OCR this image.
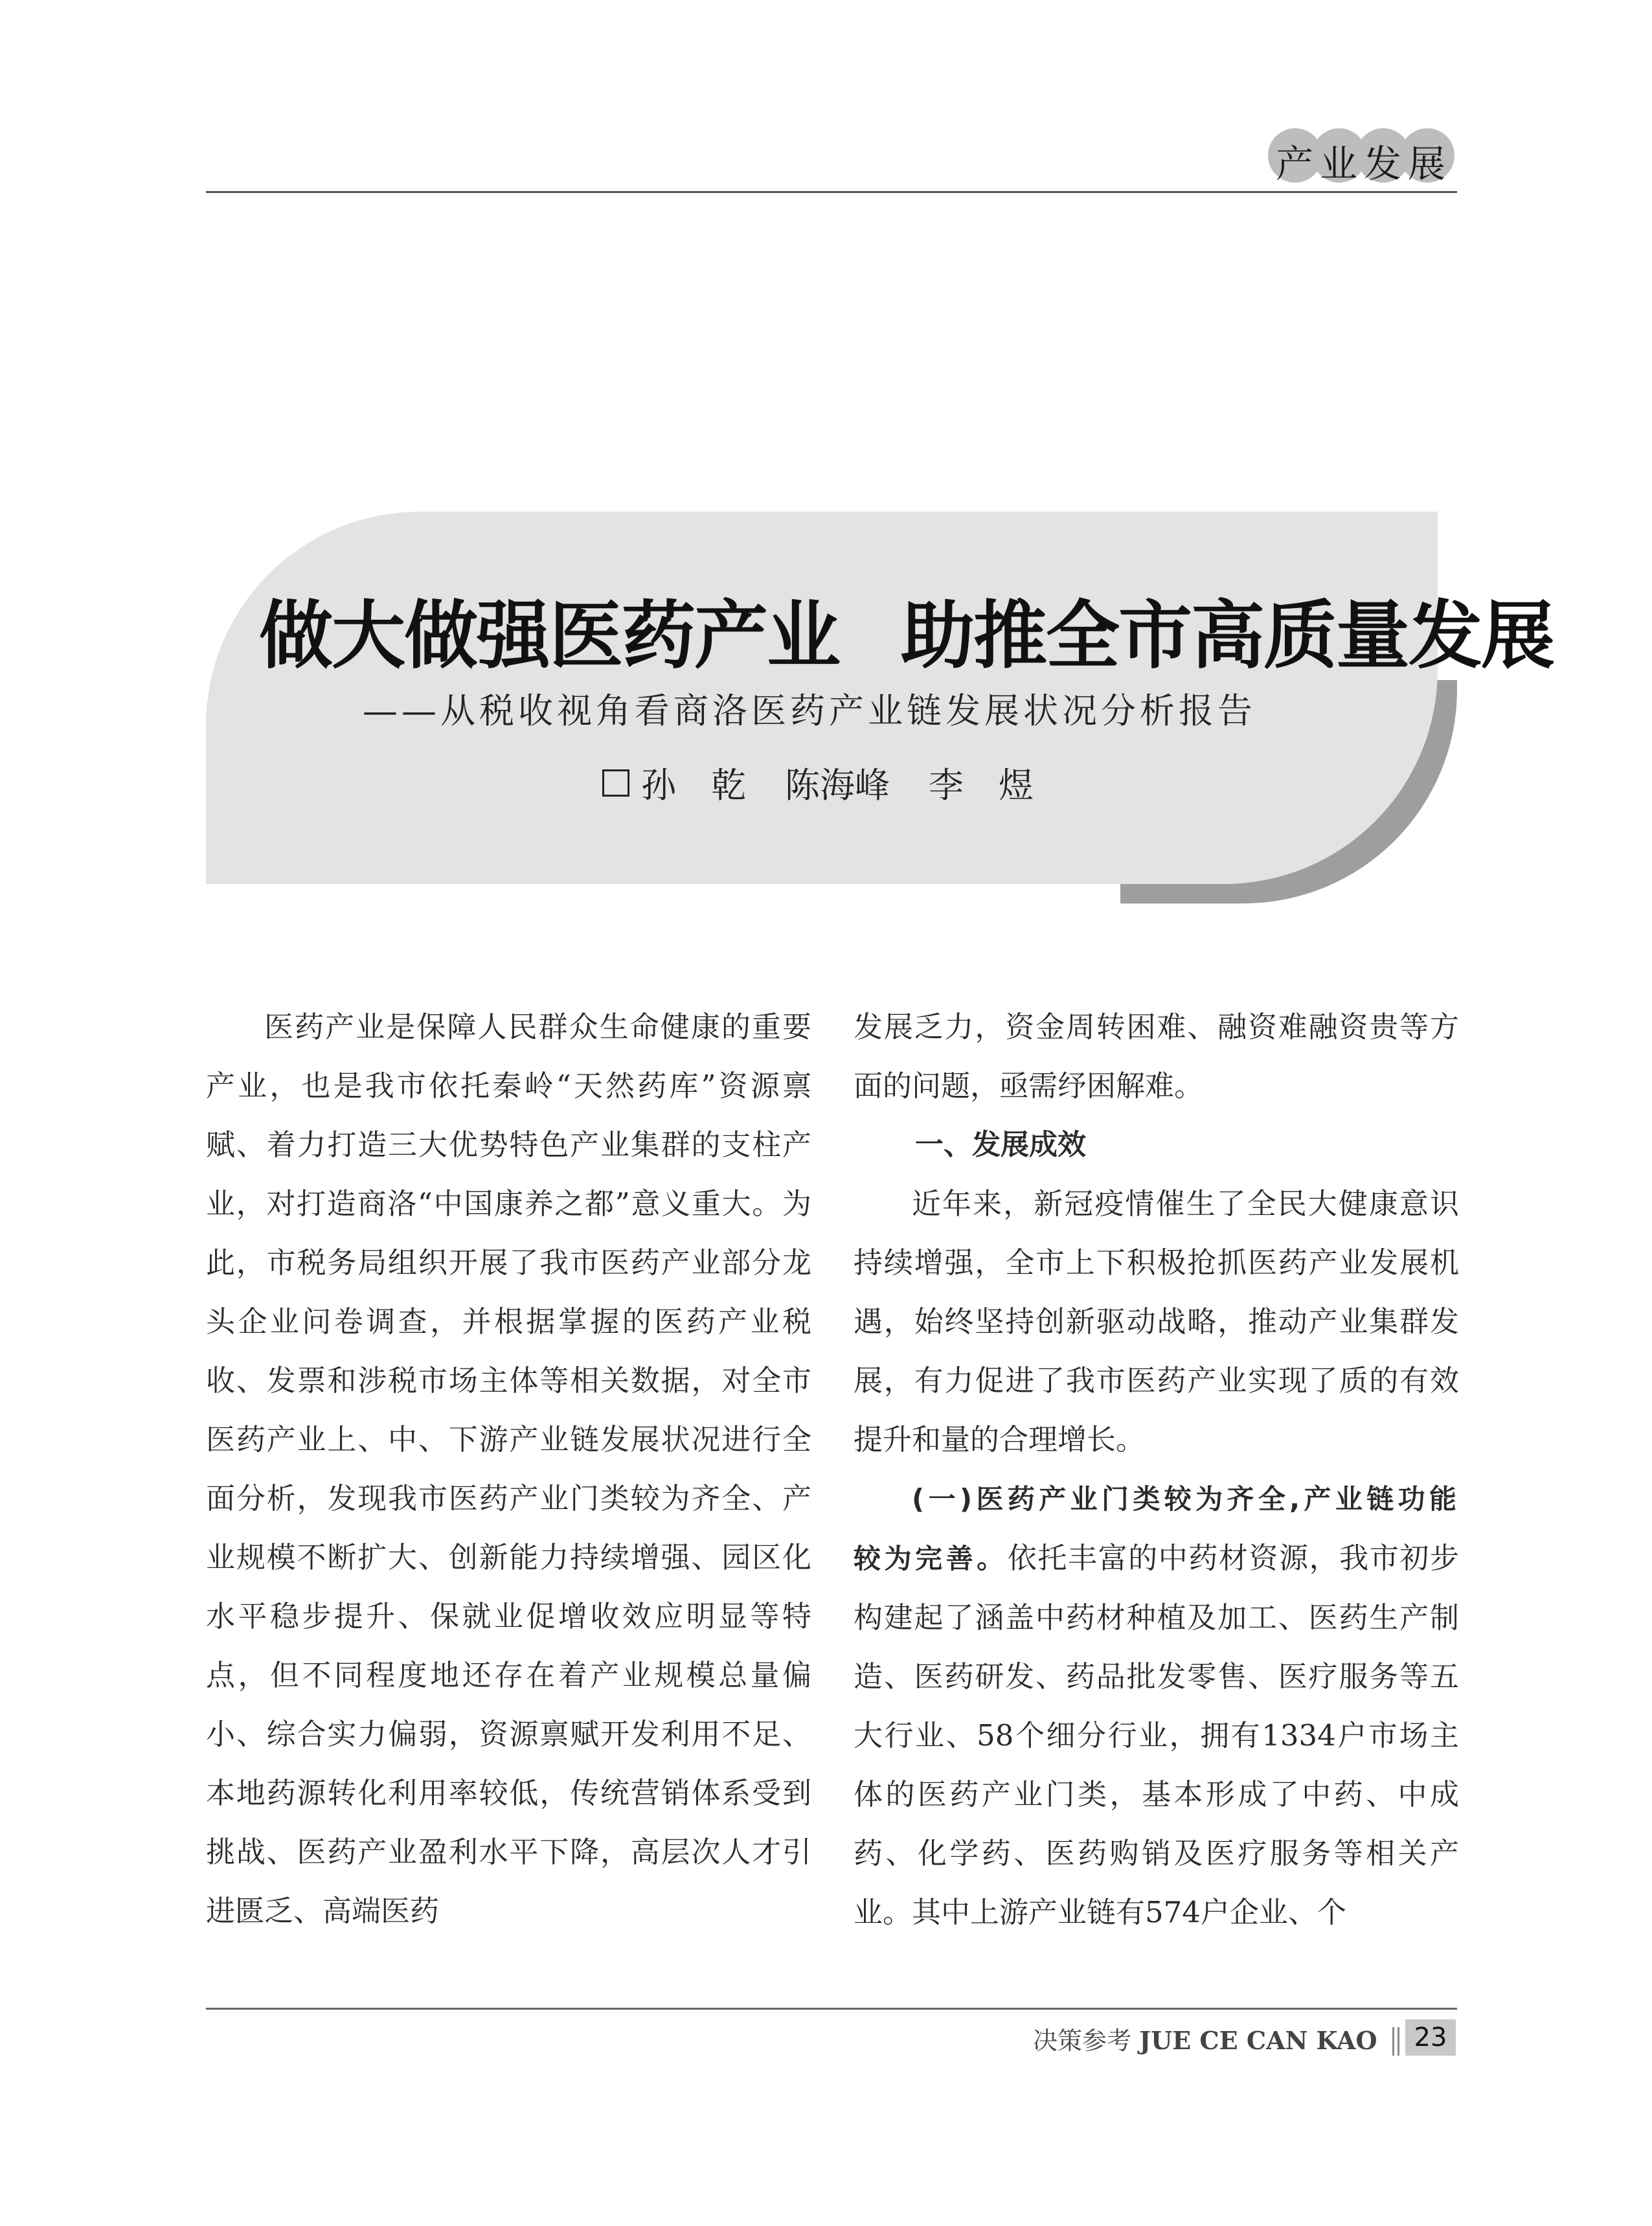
产业发展
做大做强医药产业 助推全市高质量发展
——从税收视角看商洛医药产业链发展状况分析报告
孙　乾 陈海峰 李　煜

医药产业是保障人民群众生命健康的重要产业，也是我市依托秦岭“天然药库”资源禀赋、着力打造三大优势特色产业集群的支柱产业，对打造商洛“中国康养之都”意义重大。为此，市税务局组织开展了我市医药产业部分龙头企业问卷调查，并根据掌握的医药产业税收、发票和涉税市场主体等相关数据，对全市医药产业上、中、下游产业链发展状况进行全面分析，发现我市医药产业门类较为齐全、产业规模不断扩大、创新能力持续增强、园区化水平稳步提升、保就业促增收效应明显等特点，但不同程度地还存在着产业规模总量偏小、综合实力偏弱，资源禀赋开发利用不足、本地药源转化利用率较低，传统营销体系受到挑战、医药产业盈利水平下降，高层次人才引进匮乏、高端医药

发展乏力，资金周转困难、融资难融资贵等方面的问题，亟需纾困解难。

一、发展成效

近年来，新冠疫情催生了全民大健康意识持续增强，全市上下积极抢抓医药产业发展机遇，始终坚持创新驱动战略，推动产业集群发展，有力促进了我市医药产业实现了质的有效提升和量的合理增长。

(一)医药产业门类较为齐全,产业链功能较为完善。依托丰富的中药材资源，我市初步构建起了涵盖中药材种植及加工、医药生产制造、医药研发、药品批发零售、医疗服务等五大行业、58个细分行业，拥有1334户市场主体的医药产业门类，基本形成了中药、中成药、化学药、医药购销及医疗服务等相关产业。其中上游产业链有574户企业、个

决策参考 JUE CE CAN KAO	23
